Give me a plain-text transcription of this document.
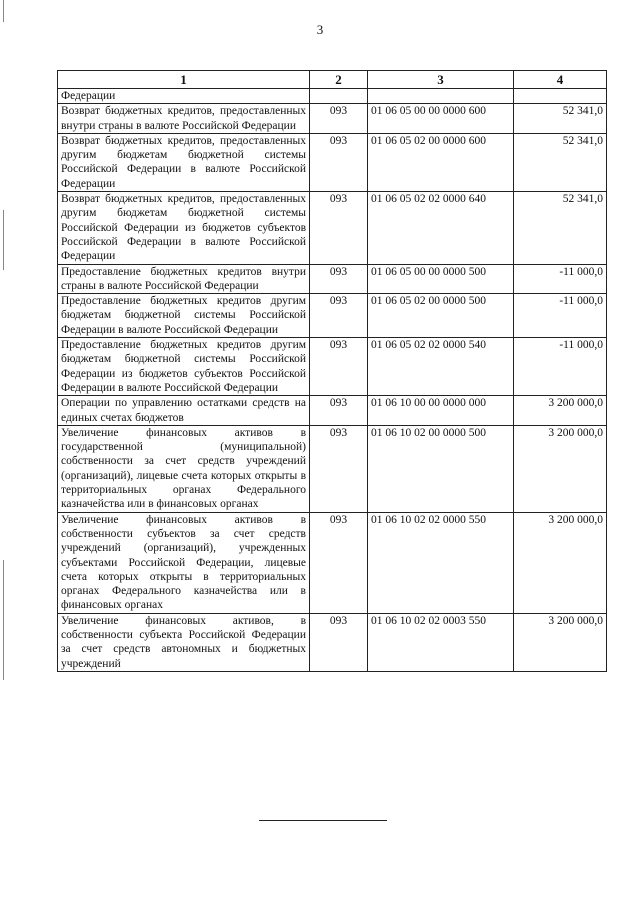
3
1	2	3	4
Федерации			
Возврат бюджетных кредитов, предоставленных внутри страны в валюте Российской Федерации	093	01 06 05 00 00 0000 600	52 341,0
Возврат бюджетных кредитов, предоставленных другим бюджетам бюджетной системы Российской Федерации в валюте Российской Федерации	093	01 06 05 02 00 0000 600	52 341,0
Возврат бюджетных кредитов, предоставленных другим бюджетам бюджетной системы Российской Федерации из бюджетов субъектов Российской Федерации в валюте Российской Федерации	093	01 06 05 02 02 0000 640	52 341,0
Предоставление бюджетных кредитов внутри страны в валюте Российской Федерации	093	01 06 05 00 00 0000 500	-11 000,0
Предоставление бюджетных кредитов другим бюджетам бюджетной системы Российской Федерации в валюте Российской Федерации	093	01 06 05 02 00 0000 500	-11 000,0
Предоставление бюджетных кредитов другим бюджетам бюджетной системы Российской Федерации из бюджетов субъектов Российской Федерации в валюте Российской Федерации	093	01 06 05 02 02 0000 540	-11 000,0
Операции по управлению остатками средств на единых счетах бюджетов	093	01 06 10 00 00 0000 000	3 200 000,0
Увеличение финансовых активов в государственной (муниципальной) собственности за счет средств учреждений (организаций), лицевые счета которых открыты в территориальных органах Федерального казначейства или в финансовых органах	093	01 06 10 02 00 0000 500	3 200 000,0
Увеличение финансовых активов в собственности субъектов за счет средств учреждений (организаций), учрежденных субъектами Российской Федерации, лицевые счета которых открыты в территориальных органах Федерального казначейства или в финансовых органах	093	01 06 10 02 02 0000 550	3 200 000,0
Увеличение финансовых активов, в собственности субъекта Российской Федерации за счет средств автономных и бюджетных учреждений	093	01 06 10 02 02 0003 550	3 200 000,0
